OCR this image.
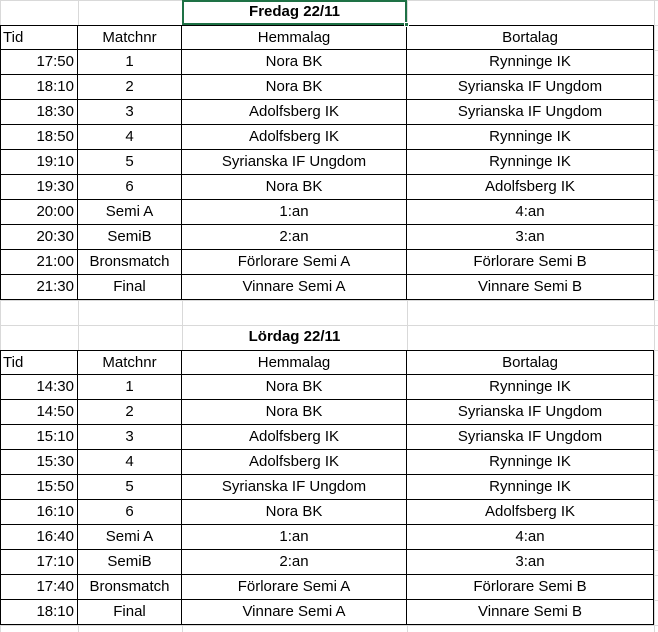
Fredag 22/11
Tid	Matchnr	Hemmalag	Bortalag
17:50	1	Nora BK	Rynninge IK
18:10	2	Nora BK	Syrianska IF Ungdom
18:30	3	Adolfsberg IK	Syrianska IF Ungdom
18:50	4	Adolfsberg IK	Rynninge IK
19:10	5	Syrianska IF Ungdom	Rynninge IK
19:30	6	Nora BK	Adolfsberg IK
20:00	Semi A	1:an	4:an
20:30	SemiB	2:an	3:an
21:00	Bronsmatch	Förlorare Semi A	Förlorare Semi B
21:30	Final	Vinnare Semi A	Vinnare Semi B
Lördag 22/11
Tid	Matchnr	Hemmalag	Bortalag
14:30	1	Nora BK	Rynninge IK
14:50	2	Nora BK	Syrianska IF Ungdom
15:10	3	Adolfsberg IK	Syrianska IF Ungdom
15:30	4	Adolfsberg IK	Rynninge IK
15:50	5	Syrianska IF Ungdom	Rynninge IK
16:10	6	Nora BK	Adolfsberg IK
16:40	Semi A	1:an	4:an
17:10	SemiB	2:an	3:an
17:40	Bronsmatch	Förlorare Semi A	Förlorare Semi B
18:10	Final	Vinnare Semi A	Vinnare Semi B
